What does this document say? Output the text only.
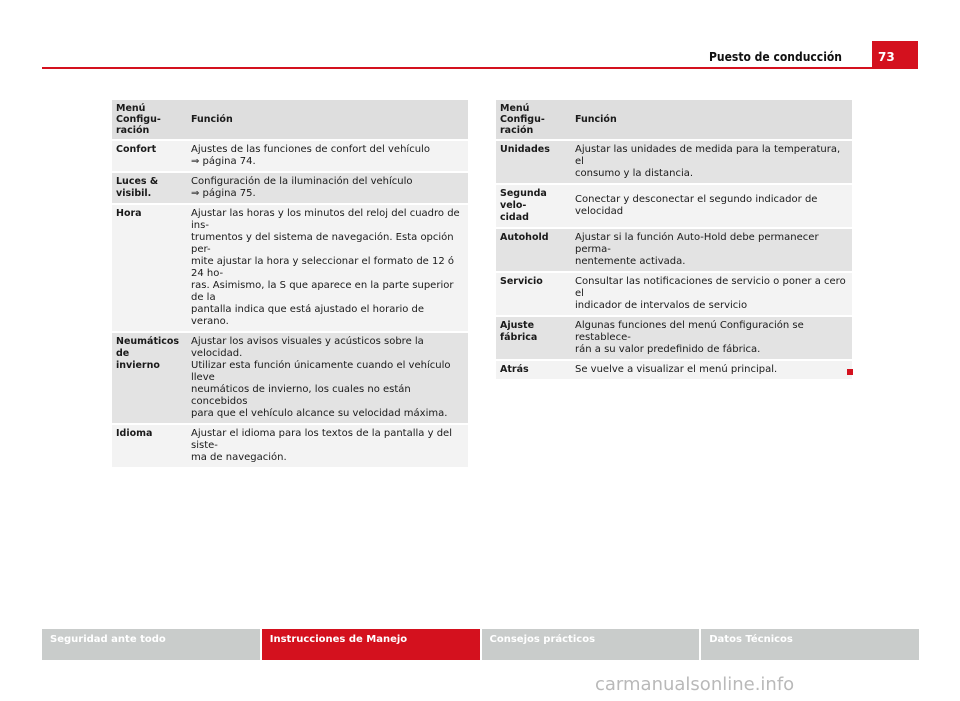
Puesto de conducción	73
Menú Configu-
ración	Función
Confort	Ajustes de las funciones de confort del vehículo
⇒ página 74.
Luces & visibil.	Configuración de la iluminación del vehículo
⇒ página 75.
Hora	Ajustar las horas y los minutos del reloj del cuadro de ins-
trumentos y del sistema de navegación. Esta opción per-
mite ajustar la hora y seleccionar el formato de 12 ó 24 ho-
ras. Asimismo, la S que aparece en la parte superior de la
pantalla indica que está ajustado el horario de verano.
Neumáticos de
invierno	Ajustar los avisos visuales y acústicos sobre la velocidad.
Utilizar esta función únicamente cuando el vehículo lleve
neumáticos de invierno, los cuales no están concebidos
para que el vehículo alcance su velocidad máxima.
Idioma	Ajustar el idioma para los textos de la pantalla y del siste-
ma de navegación.
Menú Configu-
ración	Función
Unidades	Ajustar las unidades de medida para la temperatura, el
consumo y la distancia.
Segunda velo-
cidad	Conectar y desconectar el segundo indicador de velocidad
Autohold	Ajustar si la función Auto-Hold debe permanecer perma-
nentemente activada.
Servicio	Consultar las notificaciones de servicio o poner a cero el
indicador de intervalos de servicio
Ajuste fábrica	Algunas funciones del menú Configuración se restablece-
rán a su valor predefinido de fábrica.
Atrás	Se vuelve a visualizar el menú principal.
Seguridad ante todo	Instrucciones de Manejo	Consejos prácticos	Datos Técnicos
carmanualsonline.info
